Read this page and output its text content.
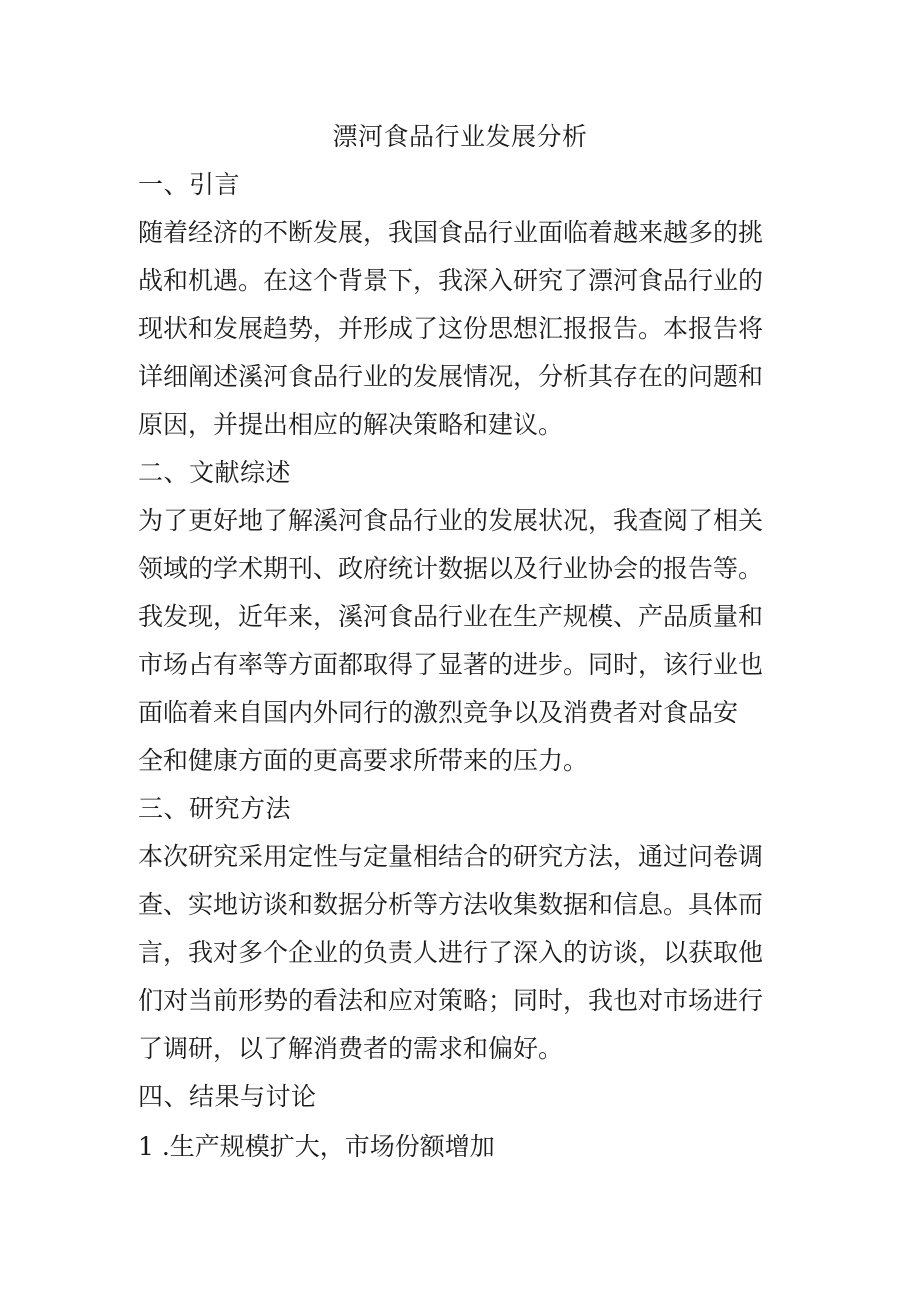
漂河食品行业发展分析
一、引言
随着经济的不断发展，我国食品行业面临着越来越多的挑
战和机遇。在这个背景下，我深入研究了漂河食品行业的
现状和发展趋势，并形成了这份思想汇报报告。本报告将
详细阐述溪河食品行业的发展情况，分析其存在的问题和
原因，并提出相应的解决策略和建议。
二、文献综述
为了更好地了解溪河食品行业的发展状况，我查阅了相关
领域的学术期刊、政府统计数据以及行业协会的报告等。
我发现，近年来，溪河食品行业在生产规模、产品质量和
市场占有率等方面都取得了显著的进步。同时，该行业也
面临着来自国内外同行的激烈竞争以及消费者对食品安
全和健康方面的更高要求所带来的压力。
三、研究方法
本次研究采用定性与定量相结合的研究方法，通过问卷调
查、实地访谈和数据分析等方法收集数据和信息。具体而
言，我对多个企业的负责人进行了深入的访谈，以获取他
们对当前形势的看法和应对策略；同时，我也对市场进行
了调研，以了解消费者的需求和偏好。
四、结果与讨论
1 .生产规模扩大，市场份额增加
